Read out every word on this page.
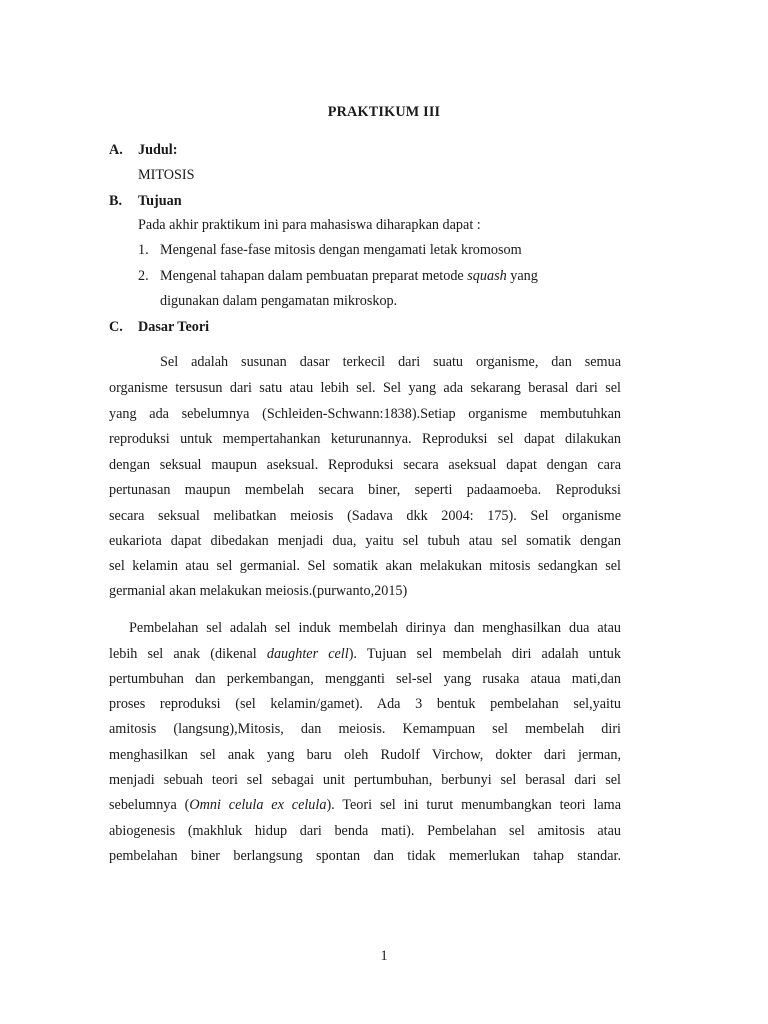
PRAKTIKUM III
A. Judul:
MITOSIS
B. Tujuan
Pada akhir praktikum ini para mahasiswa diharapkan dapat :
1. Mengenal fase-fase mitosis dengan mengamati letak kromosom
2. Mengenal tahapan dalam pembuatan preparat metode squash yang
digunakan dalam pengamatan mikroskop.
C. Dasar Teori
Sel adalah susunan dasar terkecil dari suatu organisme, dan semua
organisme tersusun dari satu atau lebih sel. Sel yang ada sekarang berasal dari sel
yang ada sebelumnya (Schleiden-Schwann:1838).Setiap organisme membutuhkan
reproduksi untuk mempertahankan keturunannya. Reproduksi sel dapat dilakukan
dengan seksual maupun aseksual. Reproduksi secara aseksual dapat dengan cara
pertunasan maupun membelah secara biner, seperti padaamoeba. Reproduksi
secara seksual melibatkan meiosis (Sadava dkk 2004: 175). Sel organisme
eukariota dapat dibedakan menjadi dua, yaitu sel tubuh atau sel somatik dengan
sel kelamin atau sel germanial. Sel somatik akan melakukan mitosis sedangkan sel
germanial akan melakukan meiosis.(purwanto,2015)
Pembelahan sel adalah sel induk membelah dirinya dan menghasilkan dua atau
lebih sel anak (dikenal daughter cell). Tujuan sel membelah diri adalah untuk
pertumbuhan dan perkembangan, mengganti sel-sel yang rusaka ataua mati,dan
proses reproduksi (sel kelamin/gamet). Ada 3 bentuk pembelahan sel,yaitu
amitosis (langsung),Mitosis, dan meiosis. Kemampuan sel membelah diri
menghasilkan sel anak yang baru oleh Rudolf Virchow, dokter dari jerman,
menjadi sebuah teori sel sebagai unit pertumbuhan, berbunyi sel berasal dari sel
sebelumnya (Omni celula ex celula). Teori sel ini turut menumbangkan teori lama
abiogenesis (makhluk hidup dari benda mati). Pembelahan sel amitosis atau
pembelahan biner berlangsung spontan dan tidak memerlukan tahap standar.
1
